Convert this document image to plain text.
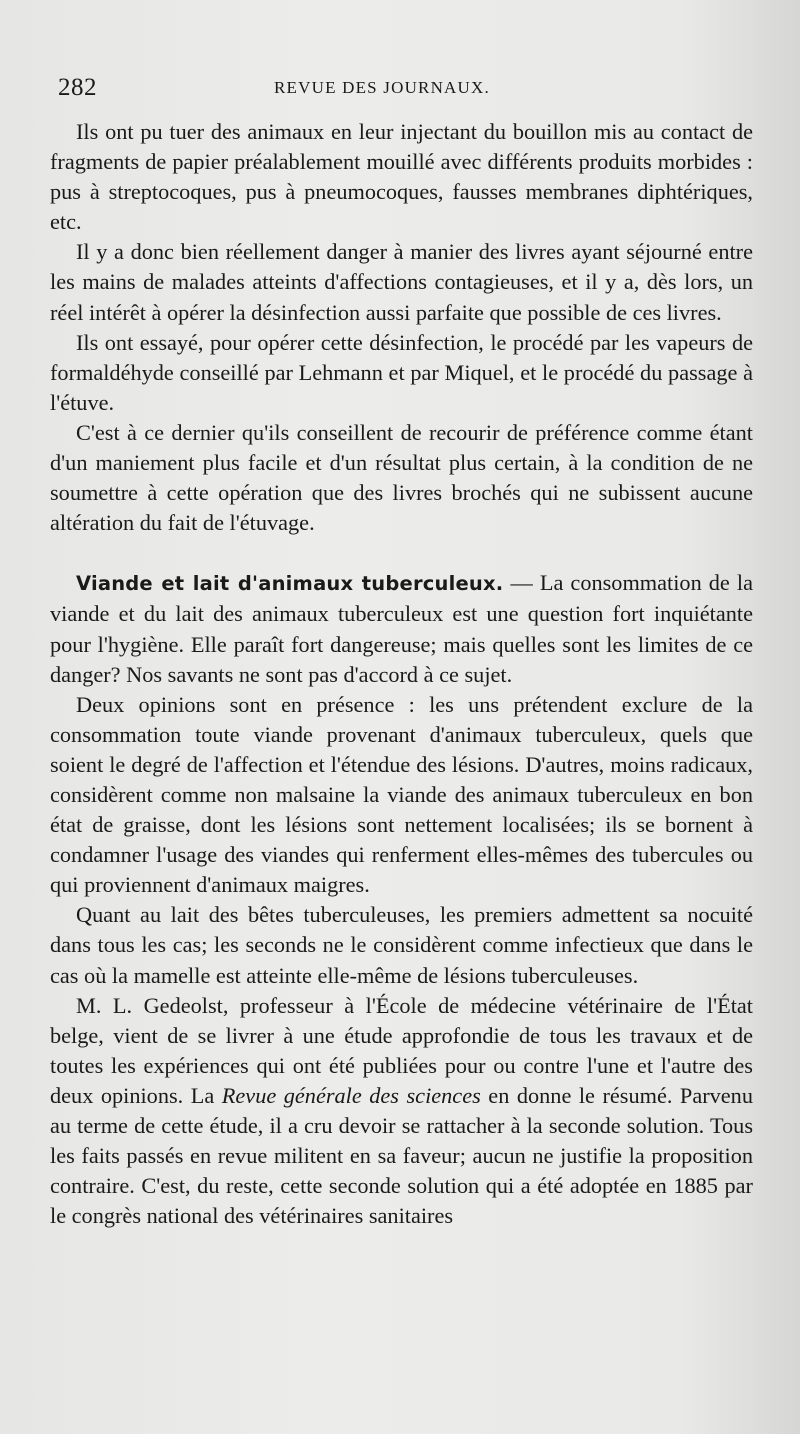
282	REVUE DES JOURNAUX.

Ils ont pu tuer des animaux en leur injectant du bouillon mis au contact de fragments de papier préalablement mouillé avec différents produits morbides : pus à streptocoques, pus à pneumocoques, fausses membranes diphtériques, etc.

Il y a donc bien réellement danger à manier des livres ayant séjourné entre les mains de malades atteints d'affections contagieuses, et il y a, dès lors, un réel intérêt à opérer la désinfection aussi parfaite que possible de ces livres.

Ils ont essayé, pour opérer cette désinfection, le procédé par les vapeurs de formaldéhyde conseillé par Lehmann et par Miquel, et le procédé du passage à l'étuve.

C'est à ce dernier qu'ils conseillent de recourir de préférence comme étant d'un maniement plus facile et d'un résultat plus certain, à la condition de ne soumettre à cette opération que des livres brochés qui ne subissent aucune altération du fait de l'étuvage.

Viande et lait d'animaux tuberculeux. — La consommation de la viande et du lait des animaux tuberculeux est une question fort inquiétante pour l'hygiène. Elle paraît fort dangereuse; mais quelles sont les limites de ce danger? Nos savants ne sont pas d'accord à ce sujet.

Deux opinions sont en présence : les uns prétendent exclure de la consommation toute viande provenant d'animaux tuberculeux, quels que soient le degré de l'affection et l'étendue des lésions. D'autres, moins radicaux, considèrent comme non malsaine la viande des animaux tuberculeux en bon état de graisse, dont les lésions sont nettement localisées; ils se bornent à condamner l'usage des viandes qui renferment elles-mêmes des tubercules ou qui proviennent d'animaux maigres.

Quant au lait des bêtes tuberculeuses, les premiers admettent sa nocuité dans tous les cas; les seconds ne le considèrent comme infectieux que dans le cas où la mamelle est atteinte elle-même de lésions tuberculeuses.

M. L. Gedeolst, professeur à l'École de médecine vétérinaire de l'État belge, vient de se livrer à une étude approfondie de tous les travaux et de toutes les expériences qui ont été publiées pour ou contre l'une et l'autre des deux opinions. La Revue générale des sciences en donne le résumé. Parvenu au terme de cette étude, il a cru devoir se rattacher à la seconde solution. Tous les faits passés en revue militent en sa faveur; aucun ne justifie la proposition contraire. C'est, du reste, cette seconde solution qui a été adoptée en 1885 par le congrès national des vétérinaires sanitaires
